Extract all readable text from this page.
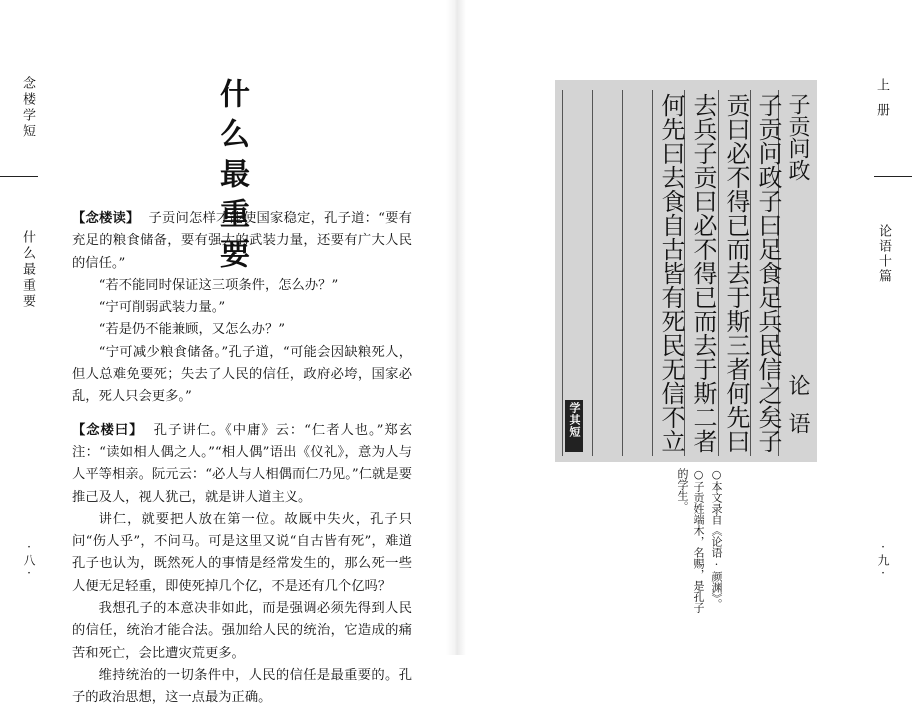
念楼学短
什么最重要
·八·
什么最重要

【念楼读】 子贡问怎样才能使国家稳定，孔子道：“要有充足的粮食储备，要有强大的武装力量，还要有广大人民的信任。”

“若不能同时保证这三项条件，怎么办？”

“宁可削弱武装力量。”

“若是仍不能兼顾，又怎么办？”

“宁可减少粮食储备。”孔子道，“可能会因缺粮死人，但人总难免要死；失去了人民的信任，政府必垮，国家必乱，死人只会更多。”

【念楼曰】 孔子讲仁。《中庸》云：“仁者人也。”郑玄注：“读如相人偶之人。”“相人偶”语出《仪礼》，意为人与人平等相亲。阮元云：“必人与人相偶而仁乃见。”仁就是要推己及人，视人犹己，就是讲人道主义。

讲仁，就要把人放在第一位。故厩中失火，孔子只问“伤人乎”，不问马。可是这里又说“自古皆有死”，难道孔子也认为，既然死人的事情是经常发生的，那么死一些人便无足轻重，即使死掉几个亿，不是还有几个亿吗？

我想孔子的本意决非如此，而是强调必须先得到人民的信任，统治才能合法。强加给人民的统治，它造成的痛苦和死亡，会比遭灾荒更多。

维持统治的一切条件中，人民的信任是最重要的。孔子的政治思想，这一点最为正确。

子贡问政
子贡问政子曰足食足兵民信之矣子
贡曰必不得已而去于斯三者何先曰
去兵子贡曰必不得已而去于斯二者
何先曰去食自古皆有死民无信不立	论语
学其短
○本文录自《论语·颜渊》。
○子贡姓端木，名赐，是孔子的学生。
上册
论语十篇
·九·
